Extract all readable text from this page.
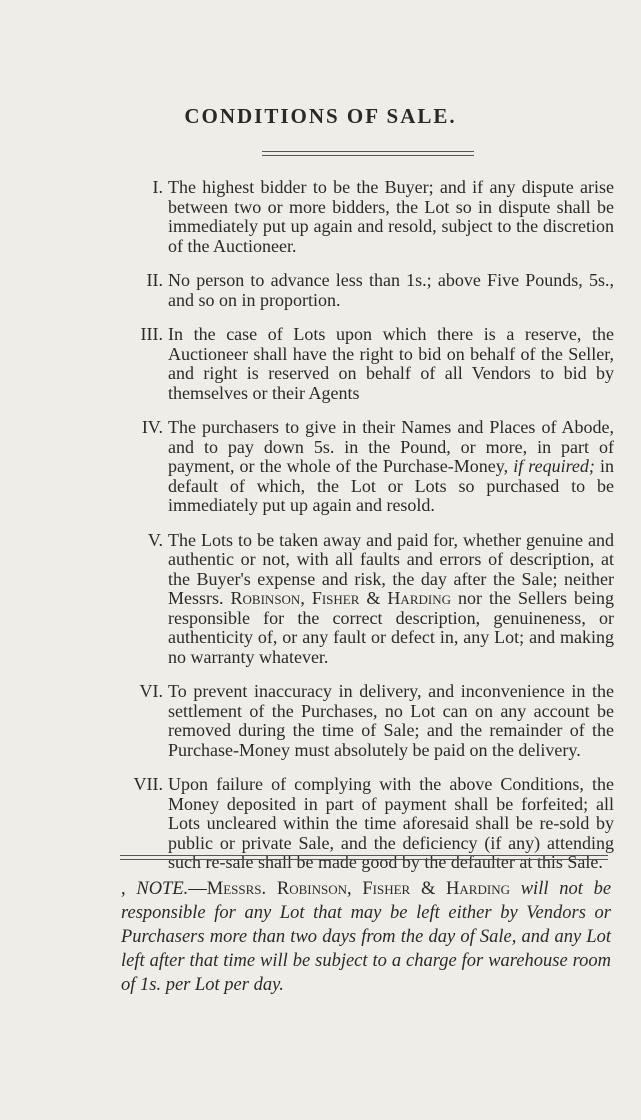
CONDITIONS OF SALE.
I. The highest bidder to be the Buyer; and if any dispute arise between two or more bidders, the Lot so in dispute shall be immediately put up again and resold, subject to the discretion of the Auctioneer.
II. No person to advance less than 1s.; above Five Pounds, 5s., and so on in proportion.
III. In the case of Lots upon which there is a reserve, the Auctioneer shall have the right to bid on behalf of the Seller, and right is reserved on behalf of all Vendors to bid by themselves or their Agents
IV. The purchasers to give in their Names and Places of Abode, and to pay down 5s. in the Pound, or more, in part of payment, or the whole of the Purchase-Money, if required; in default of which, the Lot or Lots so purchased to be immediately put up again and resold.
V. The Lots to be taken away and paid for, whether genuine and authentic or not, with all faults and errors of description, at the Buyer's expense and risk, the day after the Sale; neither Messrs. Robinson, Fisher & Harding nor the Sellers being responsible for the correct description, genuineness, or authenticity of, or any fault or defect in, any Lot; and making no warranty whatever.
VI. To prevent inaccuracy in delivery, and inconvenience in the settlement of the Purchases, no Lot can on any account be removed during the time of Sale; and the remainder of the Purchase-Money must absolutely be paid on the delivery.
VII. Upon failure of complying with the above Conditions, the Money deposited in part of payment shall be forfeited; all Lots uncleared within the time aforesaid shall be re-sold by public or private Sale, and the deficiency (if any) attending such re-sale shall be made good by the defaulter at this Sale.
, NOTE.—Messrs. Robinson, Fisher & Harding will not be responsible for any Lot that may be left either by Vendors or Purchasers more than two days from the day of Sale, and any Lot left after that time will be subject to a charge for warehouse room of 1s. per Lot per day.
